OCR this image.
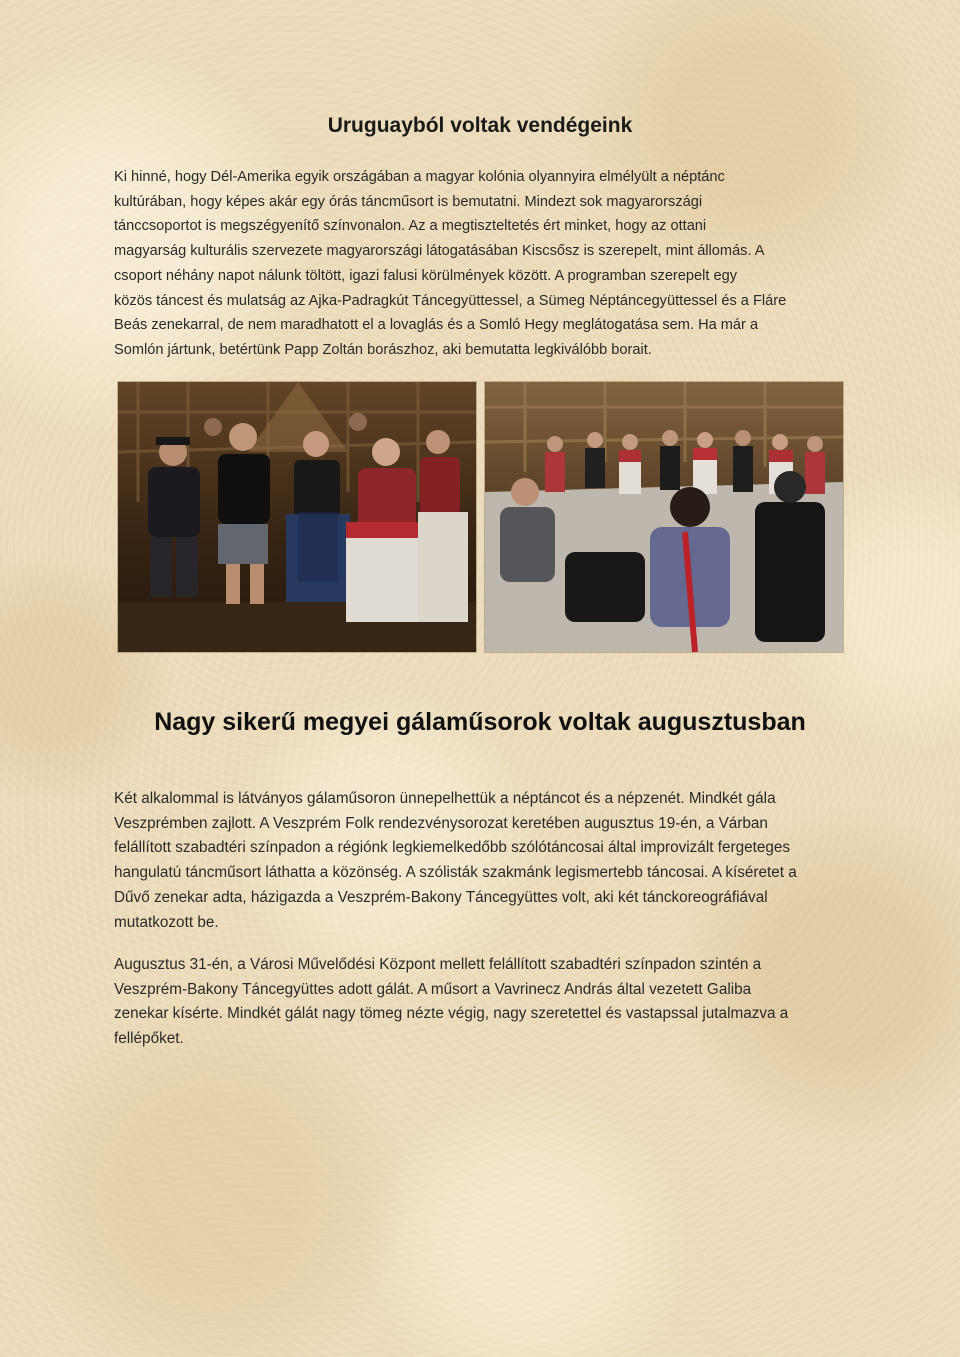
Uruguayból voltak vendégeink

Ki hinné, hogy Dél-Amerika egyik országában a magyar kolónia olyannyira elmélyült a néptánc
kultúrában, hogy képes akár egy órás táncműsort is bemutatni. Mindezt sok magyarországi
tánccsoportot is megszégyenítő színvonalon. Az a megtiszteltetés ért minket, hogy az ottani
magyarság kulturális szervezete magyarországi látogatásában Kiscsősz is szerepelt, mint állomás. A
csoport néhány napot nálunk töltött, igazi falusi körülmények között. A programban szerepelt egy
közös táncest és mulatság az Ajka-Padragkút Táncegyüttessel, a Sümeg Néptáncegyüttessel és a Fláre
Beás zenekarral, de nem maradhatott el a lovaglás és a Somló Hegy meglátogatása sem. Ha már a
Somlón jártunk, betértünk Papp Zoltán borászhoz, aki bemutatta legkiválóbb borait.

Nagy sikerű megyei gálaműsorok voltak augusztusban

Két alkalommal is látványos gálaműsoron ünnepelhettük a néptáncot és a népzenét. Mindkét gála
Veszprémben zajlott. A Veszprém Folk rendezvénysorozat keretében augusztus 19-én, a Várban
felállított szabadtéri színpadon a régiónk legkiemelkedőbb szólótáncosai által improvizált fergeteges
hangulatú táncműsort láthatta a közönség. A szólisták szakmánk legismertebb táncosai. A kíséretet a
Dűvő zenekar adta, házigazda a Veszprém-Bakony Táncegyüttes volt, aki két tánckoreográfiával
mutatkozott be.

Augusztus 31-én, a Városi Művelődési Központ mellett felállított szabadtéri színpadon szintén a
Veszprém-Bakony Táncegyüttes adott gálát. A műsort a Vavrinecz András által vezetett Galiba
zenekar kísérte. Mindkét gálát nagy tömeg nézte végig, nagy szeretettel és vastapssal jutalmazva a
fellépőket.
